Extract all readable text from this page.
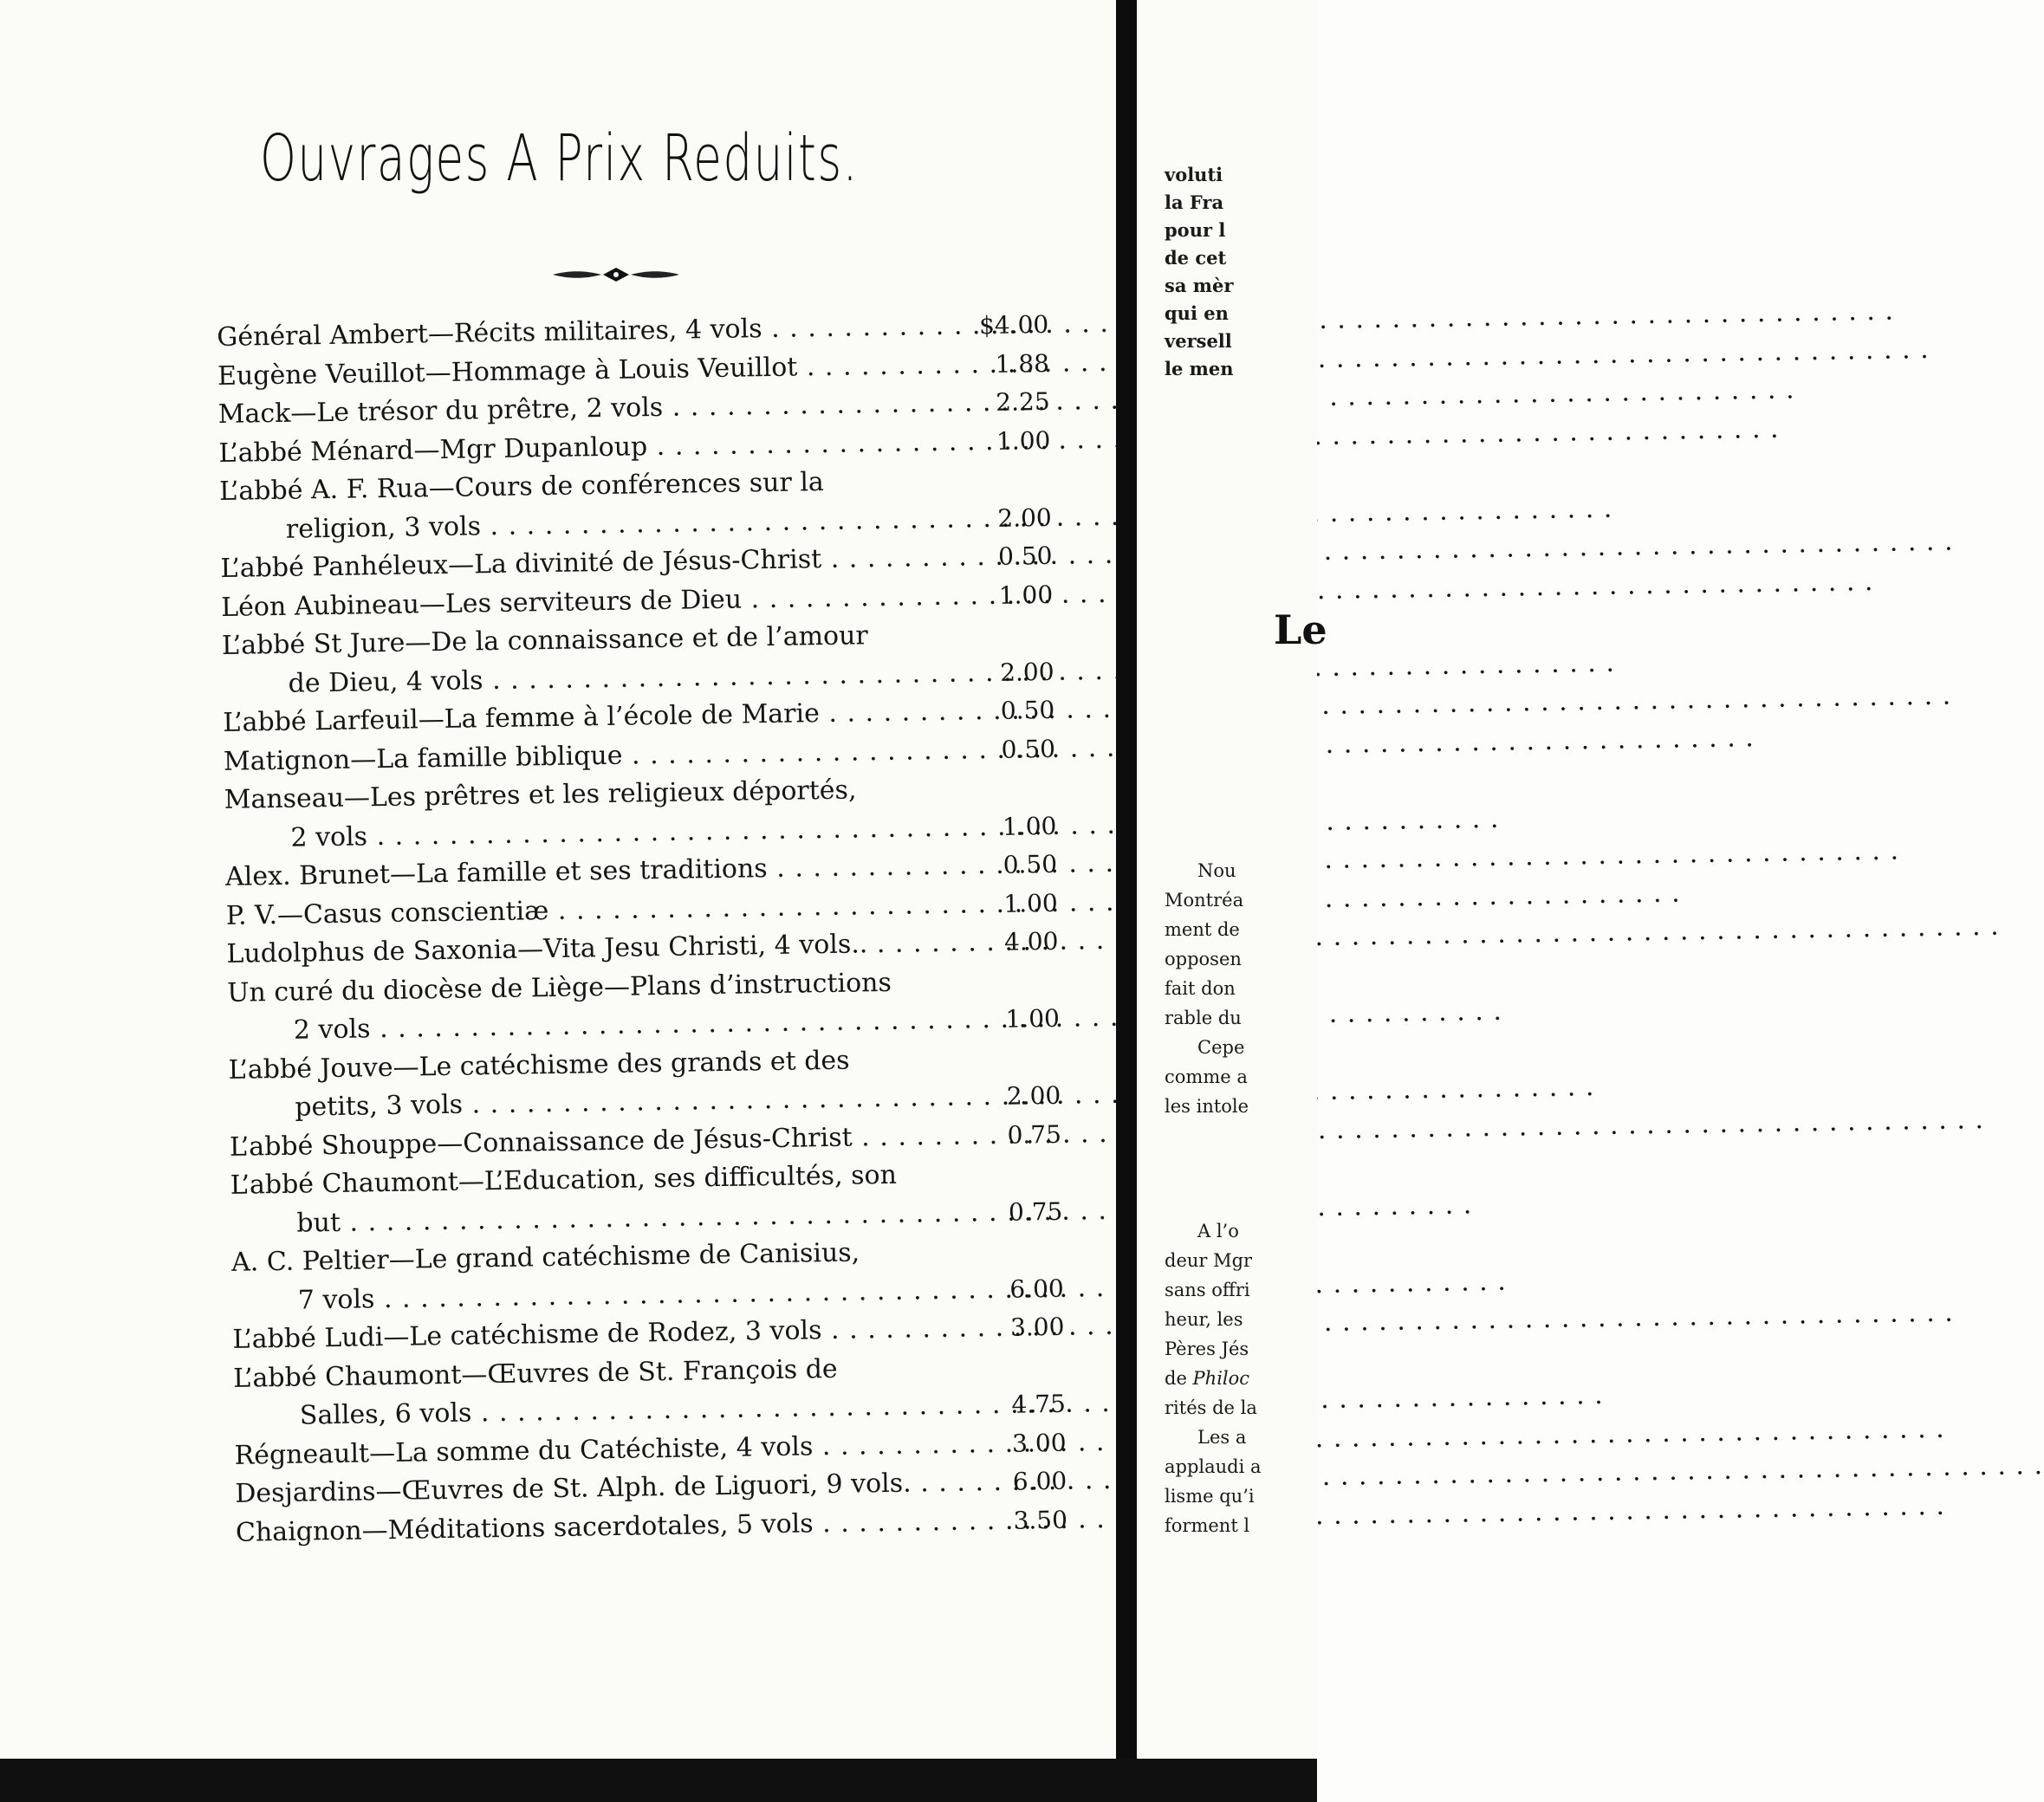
Ouvrages A Prix Reduits.
Général Ambert—Récits militaires, 4 vols . . .	$4.00
Eugène Veuillot—Hommage à Louis Veuillot . . .	1.88
Mack—Le trésor du prêtre, 2 vols . . .	2.25
L’abbé Ménard—Mgr Dupanloup . . .	1.00
L’abbé A. F. Rua—Cours de conférences sur la
religion, 3 vols . . .	2.00
L’abbé Panhéleux—La divinité de Jésus-Christ . . .	0.50
Léon Aubineau—Les serviteurs de Dieu . . .	1.00
L’abbé St Jure—De la connaissance et de l’amour
de Dieu, 4 vols . . .	2.00
L’abbé Larfeuil—La femme à l’école de Marie . . .	0.50
Matignon—La famille biblique . . .	0.50
Manseau—Les prêtres et les religieux déportés,
2 vols . . .	1.00
Alex. Brunet—La famille et ses traditions . . .	0.50
P. V.—Casus conscientiæ . . .	1.00
Ludolphus de Saxonia—Vita Jesu Christi, 4 vols.. . . .	4.00
Un curé du diocèse de Liège—Plans d’instructions
2 vols . . .	1.00
L’abbé Jouve—Le catéchisme des grands et des
petits, 3 vols . . .	2.00
L’abbé Shouppe—Connaissance de Jésus-Christ . . .	0.75
L’abbé Chaumont—L’Education, ses difficultés, son
but . . .	0.75
A. C. Peltier—Le grand catéchisme de Canisius,
7 vols . . .	6.00
L’abbé Ludi—Le catéchisme de Rodez, 3 vols . . .	3.00
L’abbé Chaumont—Œuvres de St. François de
Salles, 6 vols . . .	4.75
Régneault—La somme du Catéchiste, 4 vols . . .	3.00
Desjardins—Œuvres de St. Alph. de Liguori, 9 vols. . . .	6.00
Chaignon—Méditations sacerdotales, 5 vols . . .	3.50
voluti
la Fra
pour l
de cet
sa mèr
qui en
versell
le men
Nou
Montréa
ment de
opposen
fait don
rable du
Cepe
comme a
les intole
A l’o
deur Mgr
sans offri
heur, les
Pères Jés
de Philoc
rités de la
Les a
applaudi a
lisme qu’i
forment l
Le
